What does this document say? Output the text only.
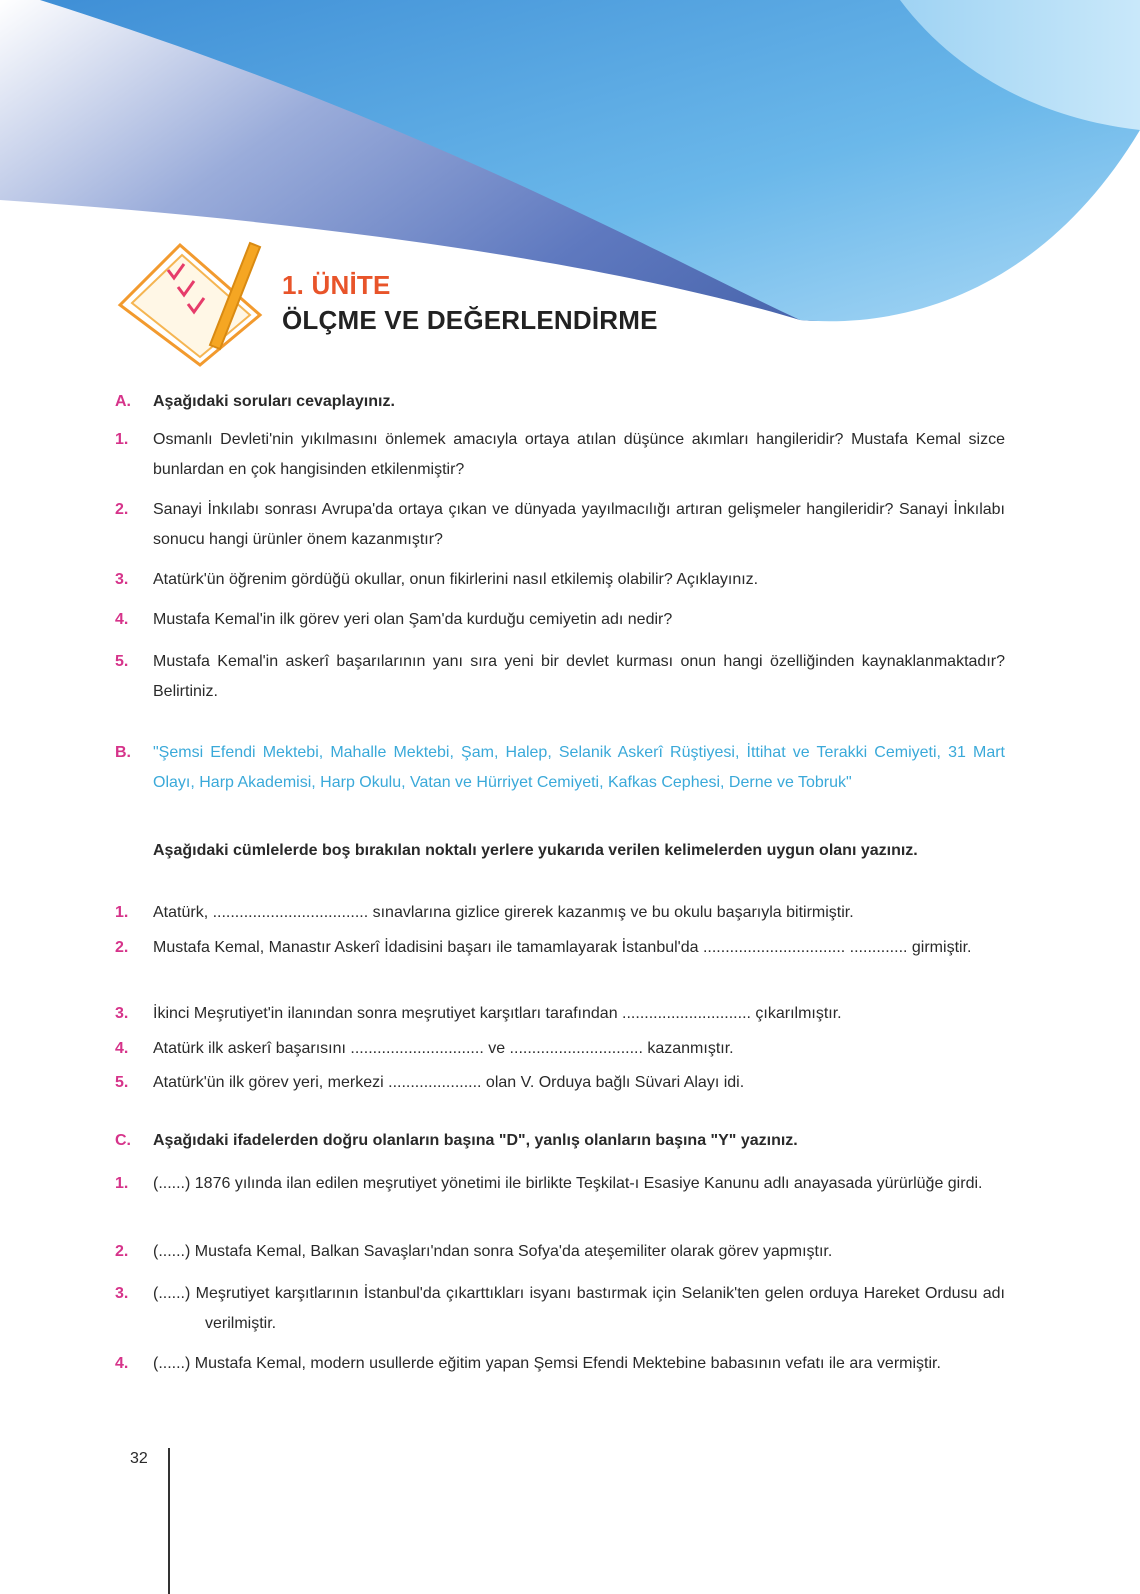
1. ÜNİTE
ÖLÇME VE DEĞERLENDİRME
A. Aşağıdaki soruları cevaplayınız.
1. Osmanlı Devleti'nin yıkılmasını önlemek amacıyla ortaya atılan düşünce akımları hangileridir? Mustafa Kemal sizce bunlardan en çok hangisinden etkilenmiştir?
2. Sanayi İnkılabı sonrası Avrupa'da ortaya çıkan ve dünyada yayılmacılığı artıran gelişmeler hangileridir? Sanayi İnkılabı sonucu hangi ürünler önem kazanmıştır?
3. Atatürk'ün öğrenim gördüğü okullar, onun fikirlerini nasıl etkilemiş olabilir? Açıklayınız.
4. Mustafa Kemal'in ilk görev yeri olan Şam'da kurduğu cemiyetin adı nedir?
5. Mustafa Kemal'in askerî başarılarının yanı sıra yeni bir devlet kurması onun hangi özelliğinden kaynaklanmaktadır? Belirtiniz.
B. "Şemsi Efendi Mektebi, Mahalle Mektebi, Şam, Halep, Selanik Askerî Rüştiyesi, İttihat ve Terakki Cemiyeti, 31 Mart Olayı, Harp Akademisi, Harp Okulu, Vatan ve Hürriyet Cemiyeti, Kafkas Cephesi, Derne ve Tobruk"
Aşağıdaki cümlelerde boş bırakılan noktalı yerlere yukarıda verilen kelimelerden uygun olanı yazınız.
1. Atatürk, ................................... sınavlarına gizlice girerek kazanmış ve bu okulu başarıyla bitirmiştir.
2. Mustafa Kemal, Manastır Askerî İdadisini başarı ile tamamlayarak İstanbul'da ................................ ............. girmiştir.
3. İkinci Meşrutiyet'in ilanından sonra meşrutiyet karşıtları tarafından ............................. çıkarılmıştır.
4. Atatürk ilk askerî başarısını .............................. ve .............................. kazanmıştır.
5. Atatürk'ün ilk görev yeri, merkezi ..................... olan V. Orduya bağlı Süvari Alayı idi.
C. Aşağıdaki ifadelerden doğru olanların başına "D", yanlış olanların başına "Y" yazınız.
1. (......) 1876 yılında ilan edilen meşrutiyet yönetimi ile birlikte Teşkilat-ı Esasiye Kanunu adlı anayasada yürürlüğe girdi.
2. (......) Mustafa Kemal, Balkan Savaşları'ndan sonra Sofya'da ateşemiliter olarak görev yapmıştır.
3. (......) Meşrutiyet karşıtlarının İstanbul'da çıkarttıkları isyanı bastırmak için Selanik'ten gelen orduya Hareket Ordusu adı verilmiştir.
4. (......) Mustafa Kemal, modern usullerde eğitim yapan Şemsi Efendi Mektebine babasının vefatı ile ara vermiştir.
32
